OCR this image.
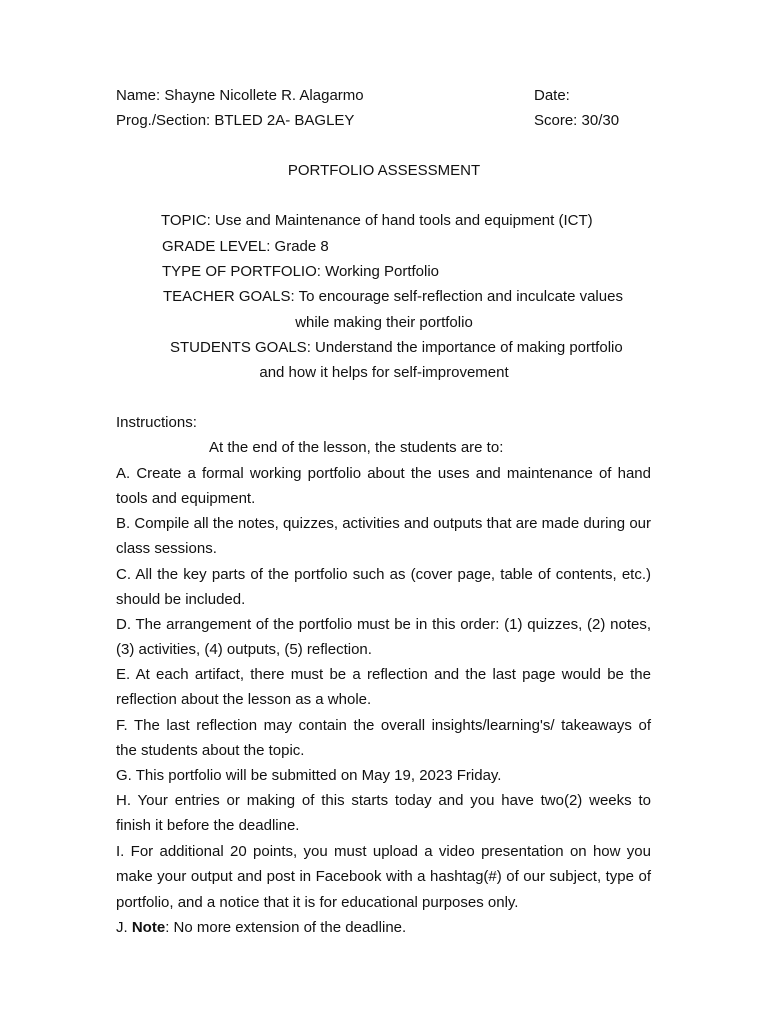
Name: Shayne Nicollete R. Alagarmo	Date:
Prog./Section: BTLED 2A- BAGLEY	Score: 30/30
PORTFOLIO ASSESSMENT
TOPIC: Use and Maintenance of hand tools and equipment (ICT)
GRADE LEVEL: Grade 8
TYPE OF PORTFOLIO: Working Portfolio
TEACHER GOALS: To encourage self-reflection and inculcate values
while making their portfolio
STUDENTS GOALS: Understand the importance of making portfolio
and how it helps for self-improvement
Instructions:
At the end of the lesson, the students are to:
A. Create a formal working portfolio about the uses and maintenance of hand tools and equipment.
B. Compile all the notes, quizzes, activities and outputs that are made during our class sessions.
C. All the key parts of the portfolio such as (cover page, table of contents, etc.) should be included.
D. The arrangement of the portfolio must be in this order: (1) quizzes, (2) notes, (3) activities, (4) outputs, (5) reflection.
E. At each artifact, there must be a reflection and the last page would be the reflection about the lesson as a whole.
F. The last reflection may contain the overall insights/learning's/ takeaways of the students about the topic.
G. This portfolio will be submitted on May 19, 2023 Friday.
H. Your entries or making of this starts today and you have two(2) weeks to finish it before the deadline.
I. For additional 20 points, you must upload a video presentation on how you make your output and post in Facebook with a hashtag(#) of our subject, type of portfolio, and a notice that it is for educational purposes only.
J. Note: No more extension of the deadline.
